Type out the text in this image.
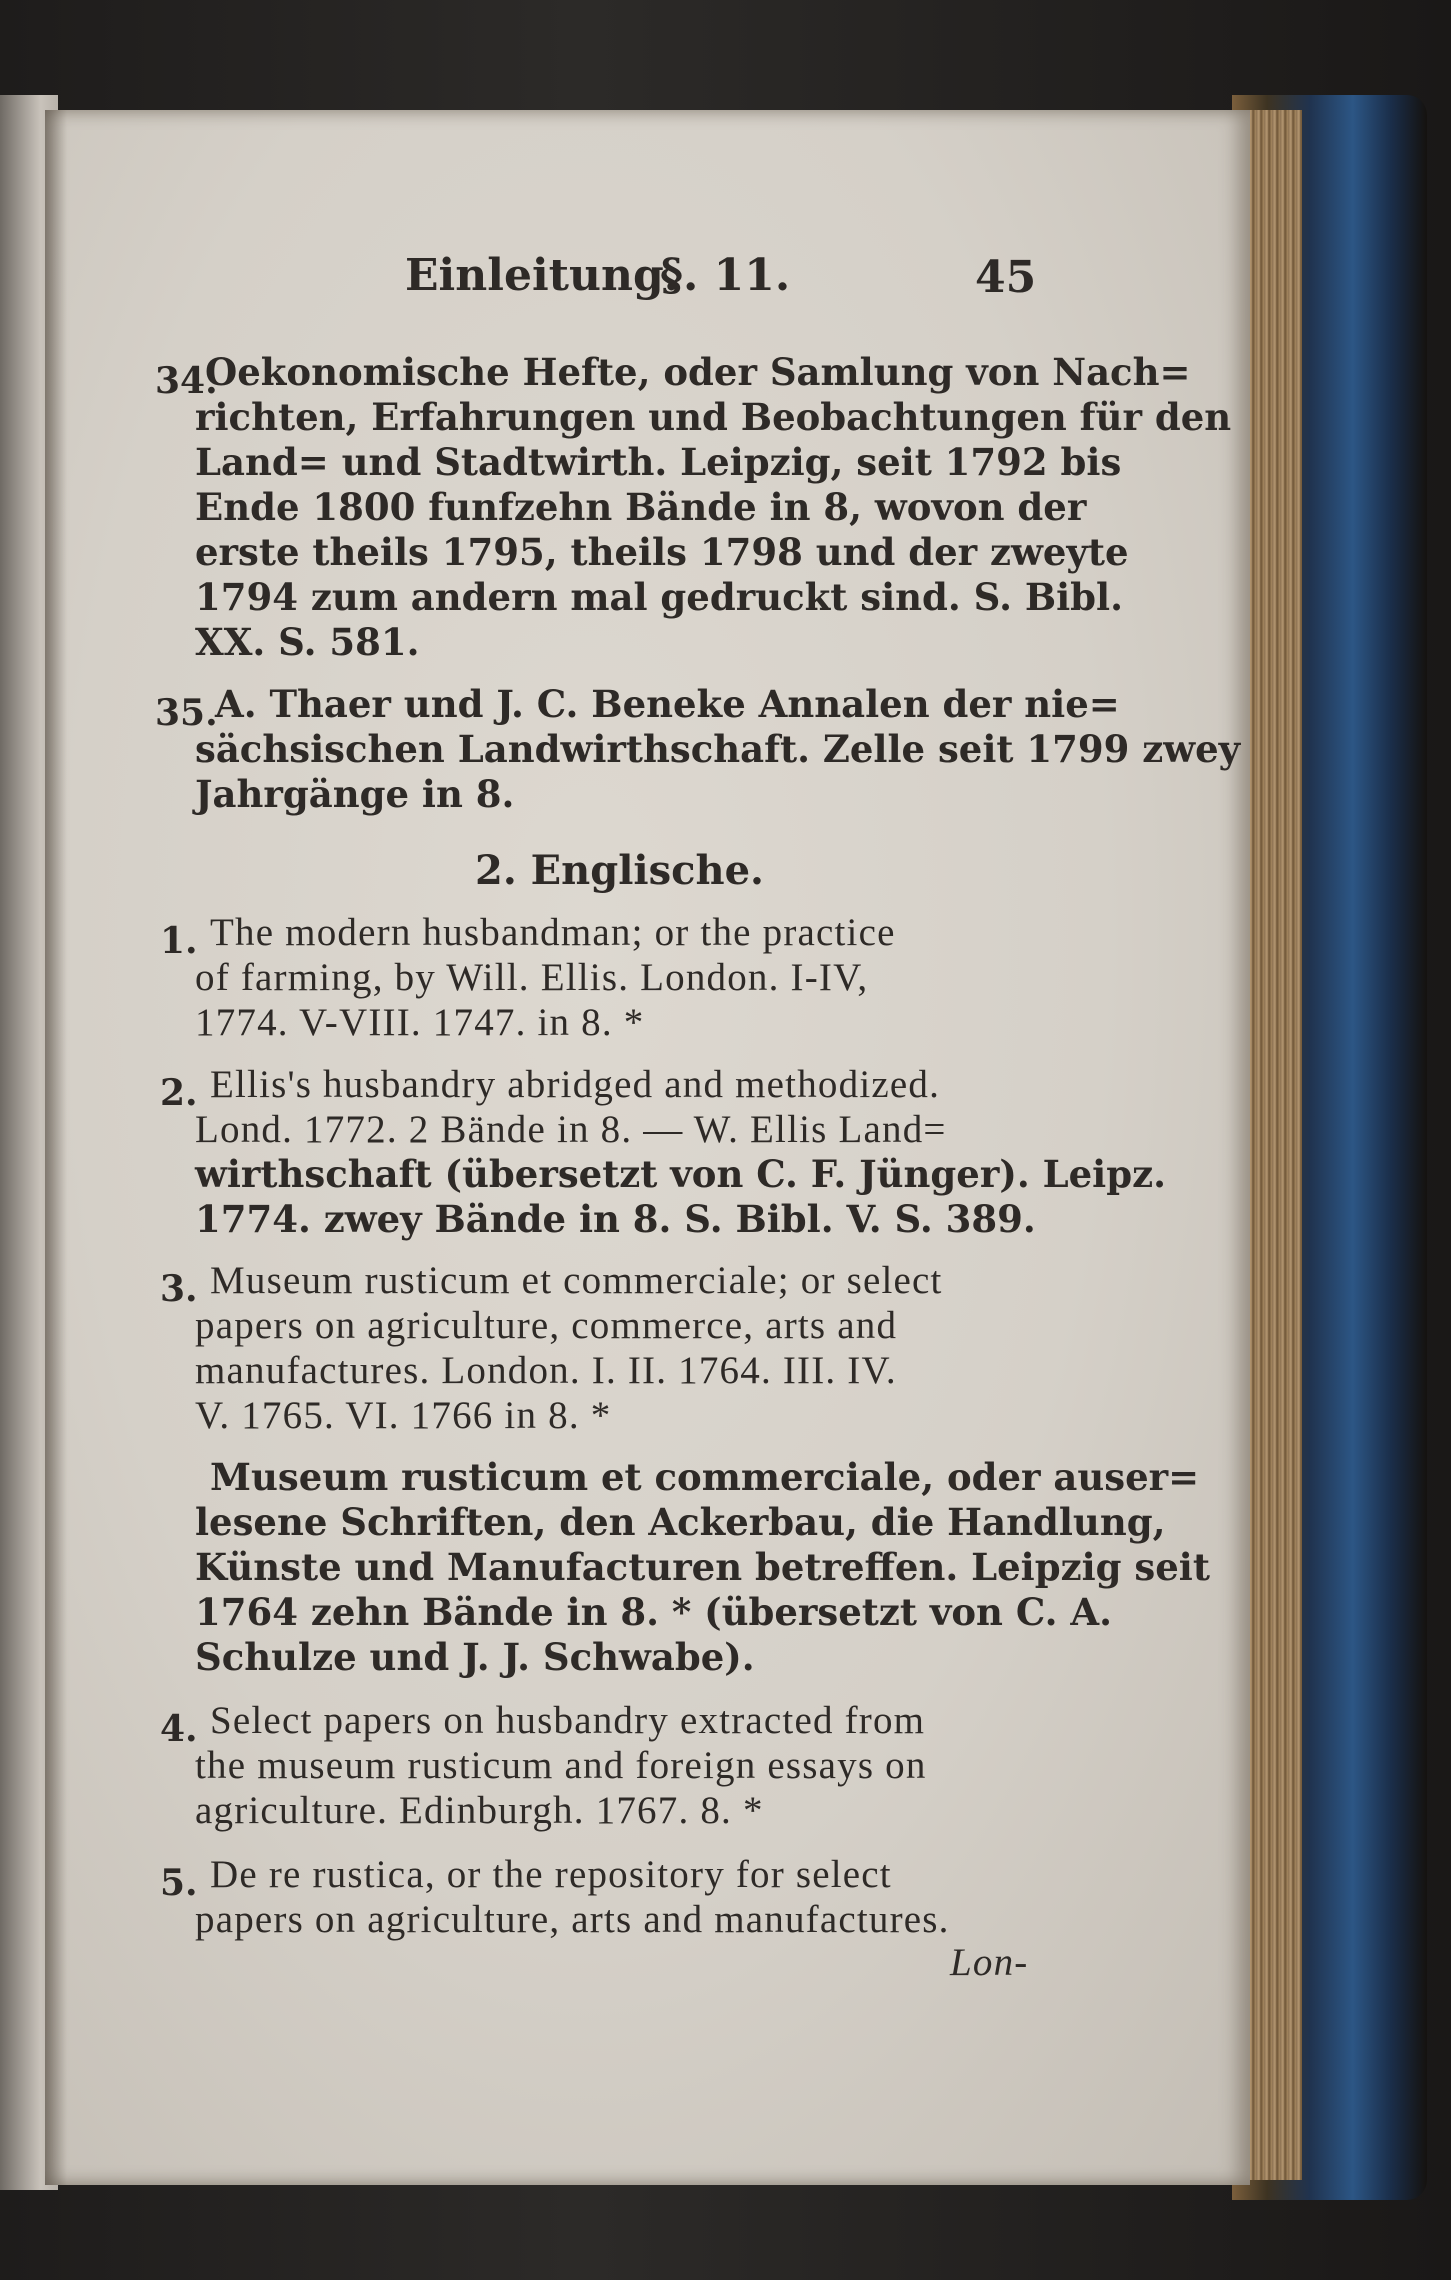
Einleitung.
§. 11.	45
34.
Oekonomische Hefte, oder Samlung von Nach=
richten, Erfahrungen und Beobachtungen für den
Land= und Stadtwirth. Leipzig, seit 1792 bis
Ende 1800 funfzehn Bände in 8, wovon der
erste theils 1795, theils 1798 und der zweyte
1794 zum andern mal gedruckt sind. S. Bibl.
XX. S. 581.
35.
A. Thaer und J. C. Beneke Annalen der nie=
sächsischen Landwirthschaft. Zelle seit 1799 zwey
Jahrgänge in 8.
2. Englische.
1. The modern husbandman; or the practice
of farming, by Will. Ellis. London. I-IV,
1774. V-VIII. 1747. in 8. *
2. Ellis's husbandry abridged and methodized.
Lond. 1772. 2 Bände in 8. — W. Ellis Land=
wirthschaft (übersetzt von C. F. Jünger). Leipz.
1774. zwey Bände in 8. S. Bibl. V. S. 389.
3. Museum rusticum et commerciale; or select
papers on agriculture, commerce, arts and
manufactures. London. I. II. 1764. III. IV.
V. 1765. VI. 1766 in 8. *
Museum rusticum et commerciale, oder auser=
lesene Schriften, den Ackerbau, die Handlung,
Künste und Manufacturen betreffen. Leipzig seit
1764 zehn Bände in 8. * (übersetzt von C. A.
Schulze und J. J. Schwabe).
4. Select papers on husbandry extracted from
the museum rusticum and foreign essays on
agriculture. Edinburgh. 1767. 8. *
5. De re rustica, or the repository for select
papers on agriculture, arts and manufactures.
Lon-
